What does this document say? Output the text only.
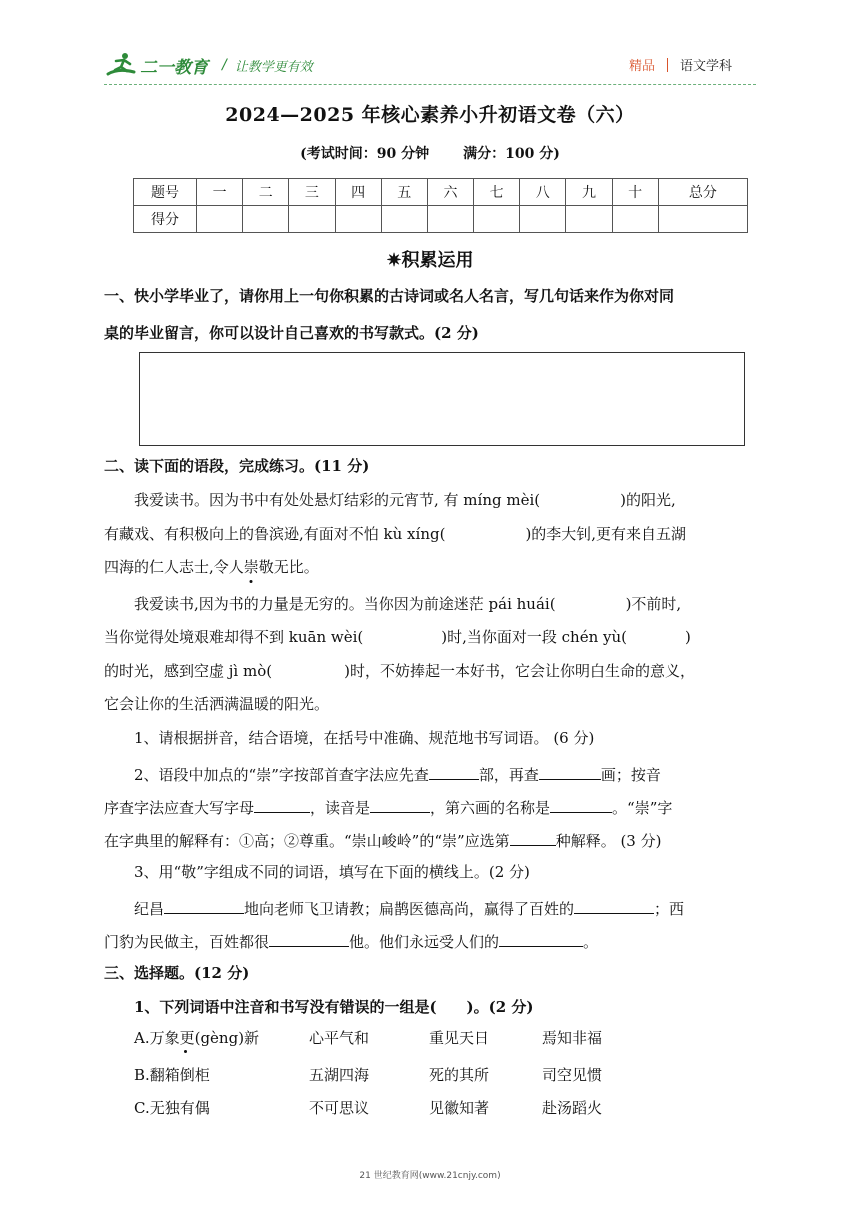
二一教育 / 让教学更有效	精品 语文学科
2024—2025 年核心素养小升初语文卷（六）
(考试时间：90 分钟 满分：100 分)
题号	一	二	三	四	五	六	七	八	九	十	总分
得分											
✷积累运用
一、快小学毕业了，请你用上一句你积累的古诗词或名人名言，写几句话来作为你对同
桌的毕业留言，你可以设计自己喜欢的书写款式。(2 分)
二、读下面的语段，完成练习。(11 分)
我爱读书。因为书中有处处悬灯结彩的元宵节, 有 míng mèi(	)的阳光,
有藏戏、有积极向上的鲁滨逊,有面对不怕 kù xíng(	)的李大钊,更有来自五湖
四海的仁人志士,令人崇敬无比。
我爱读书,因为书的力量是无穷的。当你因为前途迷茫 pái huái(	)不前时,
当你觉得处境艰难却得不到 kuān wèi(	)时,当你面对一段 chén yù(	)
的时光，感到空虚 jì mò(	)时，不妨捧起一本好书，它会让你明白生命的意义，
它会让你的生活洒满温暖的阳光。
1、请根据拼音，结合语境，在括号中准确、规范地书写词语。 (6 分)
2、语段中加点的“崇”字按部首查字法应先查	部，再查	画；按音
序查字法应查大写字母	，读音是	，第六画的名称是	。“崇”字
在字典里的解释有：①高；②尊重。“崇山峻岭”的“崇”应选第	种解释。 (3 分)
3、用“敬”字组成不同的词语，填写在下面的横线上。(2 分)
纪昌	地向老师飞卫请教；扁鹊医德高尚，赢得了百姓的	；西
门豹为民做主，百姓都很	他。他们永远受人们的	。
三、选择题。(12 分)
1、下列词语中注音和书写没有错误的一组是(　　)。(2 分)
A.万象更(gèng)新	心平气和	重见天日	焉知非福
B.翻箱倒柜	五湖四海	死的其所	司空见惯
C.无独有偶	不可思议	见徽知著	赴汤蹈火
21 世纪教育网(www.21cnjy.com)
